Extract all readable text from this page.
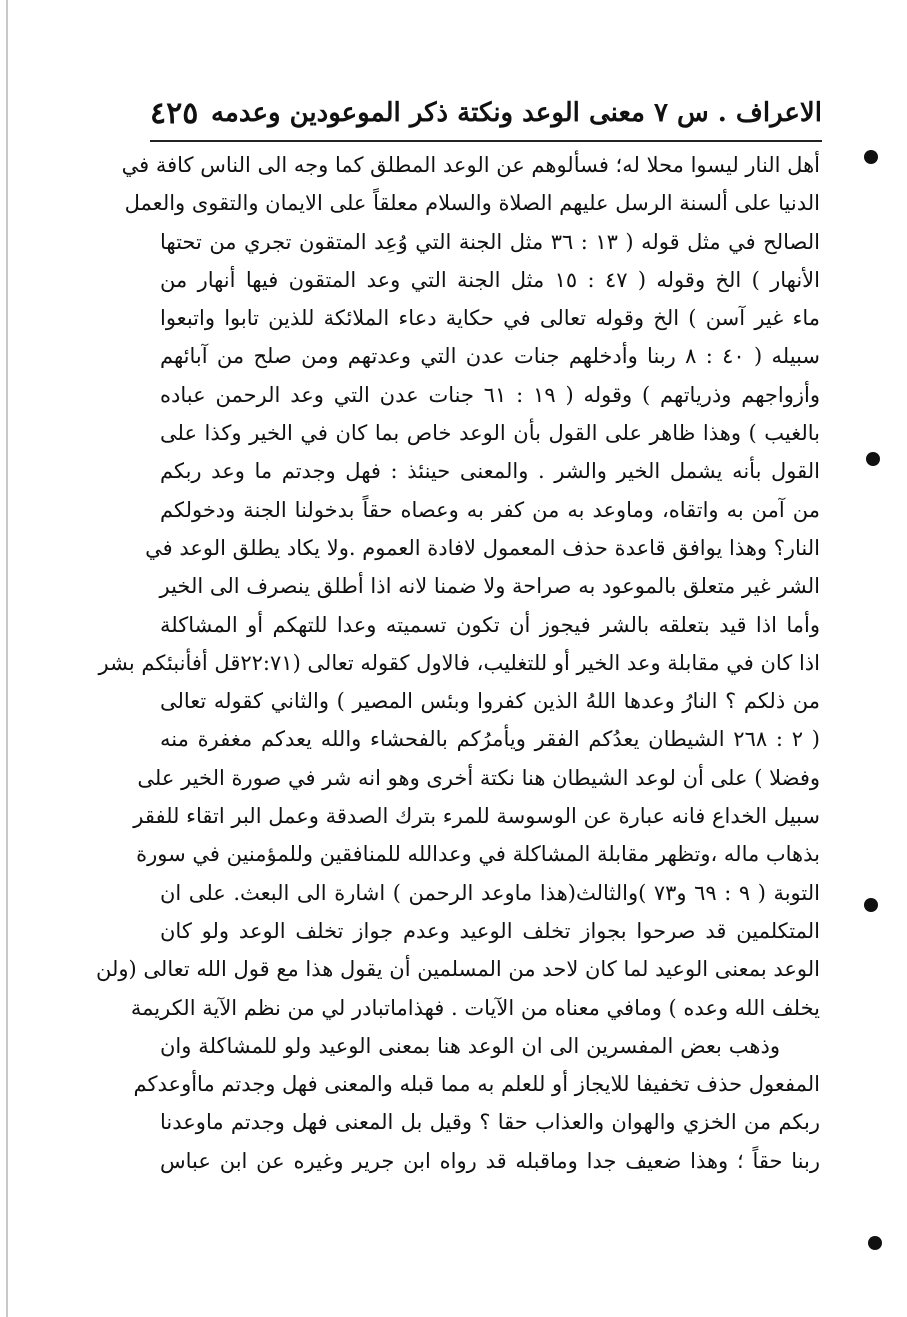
الاعراف . س ٧ معنى الوعد ونكتة ذكر الموعودين وعدمه
٤٢٥
أهل النار ليسوا محلا له؛ فسألوهم عن الوعد المطلق كما وجه الى الناس كافة في
الدنيا على ألسنة الرسل عليهم الصلاة والسلام معلقاً على الايمان والتقوى والعمل
الصالح في مثل قوله ( ١٣ : ٣٦ مثل الجنة التي وُعِد المتقون تجري من تحتها
الأنهار ) الخ وقوله ( ٤٧ : ١٥ مثل الجنة التي وعد المتقون فيها أنهار من
ماء غير آسن ) الخ وقوله تعالى في حكاية دعاء الملائكة للذين تابوا واتبعوا
سبيله ( ٤٠ : ٨ ربنا وأدخلهم جنات عدن التي وعدتهم ومن صلح من آبائهم
وأزواجهم وذرياتهم ) وقوله ( ١٩ : ٦١ جنات عدن التي وعد الرحمن عباده
بالغيب ) وهذا ظاهر على القول بأن الوعد خاص بما كان في الخير وكذا على
القول بأنه يشمل الخير والشر . والمعنى حينئذ : فهل وجدتم ما وعد ربكم
من آمن به واتقاه، وماوعد به من كفر به وعصاه حقاً بدخولنا الجنة ودخولكم
النار؟ وهذا يوافق قاعدة حذف المعمول لافادة العموم .ولا يكاد يطلق الوعد في
الشر غير متعلق بالموعود به صراحة ولا ضمنا لانه اذا أطلق ينصرف الى الخير
وأما اذا قيد بتعلقه بالشر فيجوز أن تكون تسميته وعدا للتهكم أو المشاكلة
اذا كان في مقابلة وعد الخير أو للتغليب، فالاول كقوله تعالى (٢٢:٧١قل أفأنبئكم بشر
من ذلكم ؟ النارُ وعدها اللهُ الذين كفروا وبئس المصير ) والثاني كقوله تعالى
( ٢ : ٢٦٨ الشيطان يعدُكم الفقر ويأمرُكم بالفحشاء والله يعدكم مغفرة منه
وفضلا ) على أن لوعد الشيطان هنا نكتة أخرى وهو انه شر في صورة الخير على
سبيل الخداع فانه عبارة عن الوسوسة للمرء بترك الصدقة وعمل البر اتقاء للفقر
بذهاب ماله ،وتظهر مقابلة المشاكلة في وعدالله للمنافقين وللمؤمنين في سورة
التوبة ( ٩ : ٦٩ و٧٣ )والثالث(هذا ماوعد الرحمن ) اشارة الى البعث. على ان
المتكلمين قد صرحوا بجواز تخلف الوعيد وعدم جواز تخلف الوعد ولو كان
الوعد بمعنى الوعيد لما كان لاحد من المسلمين أن يقول هذا مع قول الله تعالى (ولن
يخلف الله وعده ) ومافي معناه من الآيات . فهذاماتبادر لي من نظم الآية الكريمة
وذهب بعض المفسرين الى ان الوعد هنا بمعنى الوعيد ولو للمشاكلة وان
المفعول حذف تخفيفا للايجاز أو للعلم به مما قبله والمعنى فهل وجدتم ماأوعدكم
ربكم من الخزي والهوان والعذاب حقا ؟ وقيل بل المعنى فهل وجدتم ماوعدنا
ربنا حقاً ؛ وهذا ضعيف جدا وماقبله قد رواه ابن جرير وغيره عن ابن عباس
